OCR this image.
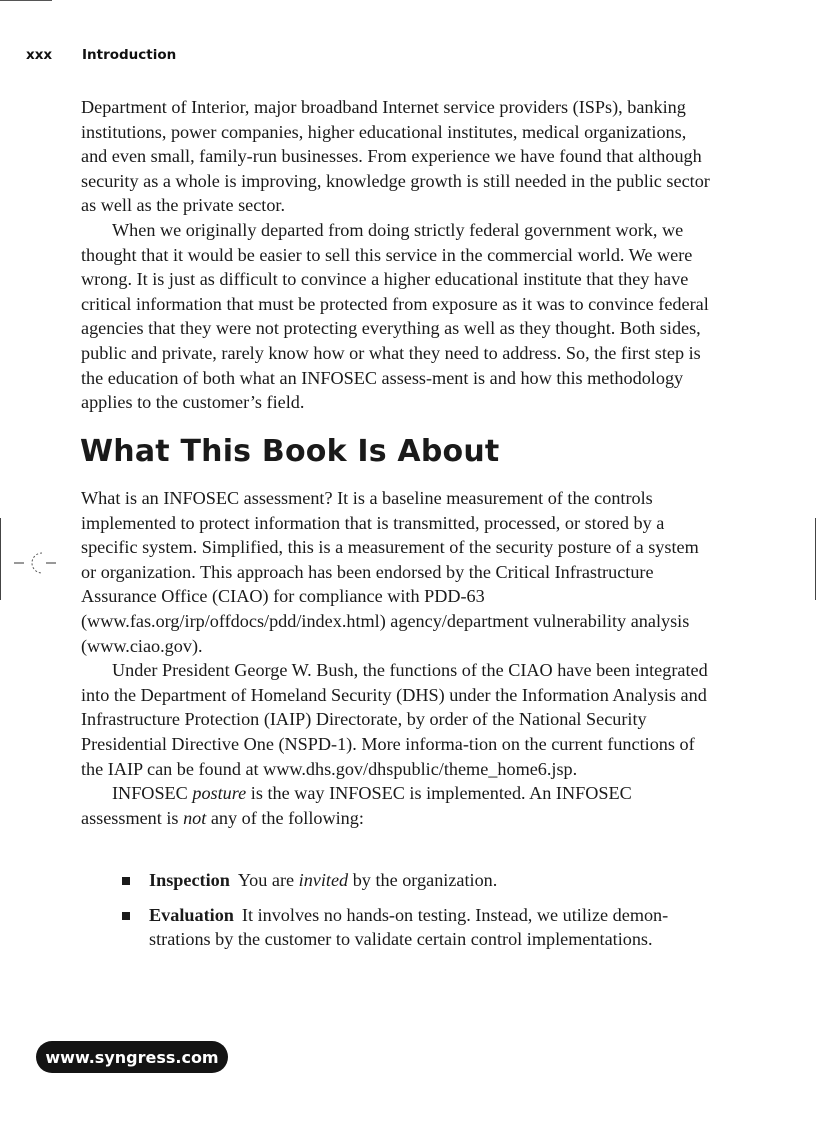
xxx Introduction

Department of Interior, major broadband Internet service providers (ISPs), banking institutions, power companies, higher educational institutes, medical organizations, and even small, family-run businesses. From experience we have found that although security as a whole is improving, knowledge growth is still needed in the public sector as well as the private sector.

When we originally departed from doing strictly federal government work, we thought that it would be easier to sell this service in the commercial world. We were wrong. It is just as difficult to convince a higher educational institute that they have critical information that must be protected from exposure as it was to convince federal agencies that they were not protecting everything as well as they thought. Both sides, public and private, rarely know how or what they need to address. So, the first step is the education of both what an INFOSEC assess-ment is and how this methodology applies to the customer’s field.

What This Book Is About

What is an INFOSEC assessment? It is a baseline measurement of the controls implemented to protect information that is transmitted, processed, or stored by a specific system. Simplified, this is a measurement of the security posture of a system or organization. This approach has been endorsed by the Critical Infrastructure Assurance Office (CIAO) for compliance with PDD-63 (www.fas.org/irp/offdocs/pdd/index.html) agency/department vulnerability analysis (www.ciao.gov).

Under President George W. Bush, the functions of the CIAO have been integrated into the Department of Homeland Security (DHS) under the Information Analysis and Infrastructure Protection (IAIP) Directorate, by order of the National Security Presidential Directive One (NSPD-1). More informa-tion on the current functions of the IAIP can be found at www.dhs.gov/dhspublic/theme_home6.jsp.

INFOSEC posture is the way INFOSEC is implemented. An INFOSEC assessment is not any of the following:

Inspection You are invited by the organization.
Evaluation It involves no hands-on testing. Instead, we utilize demon-strations by the customer to validate certain control implementations.
www.syngress.com
